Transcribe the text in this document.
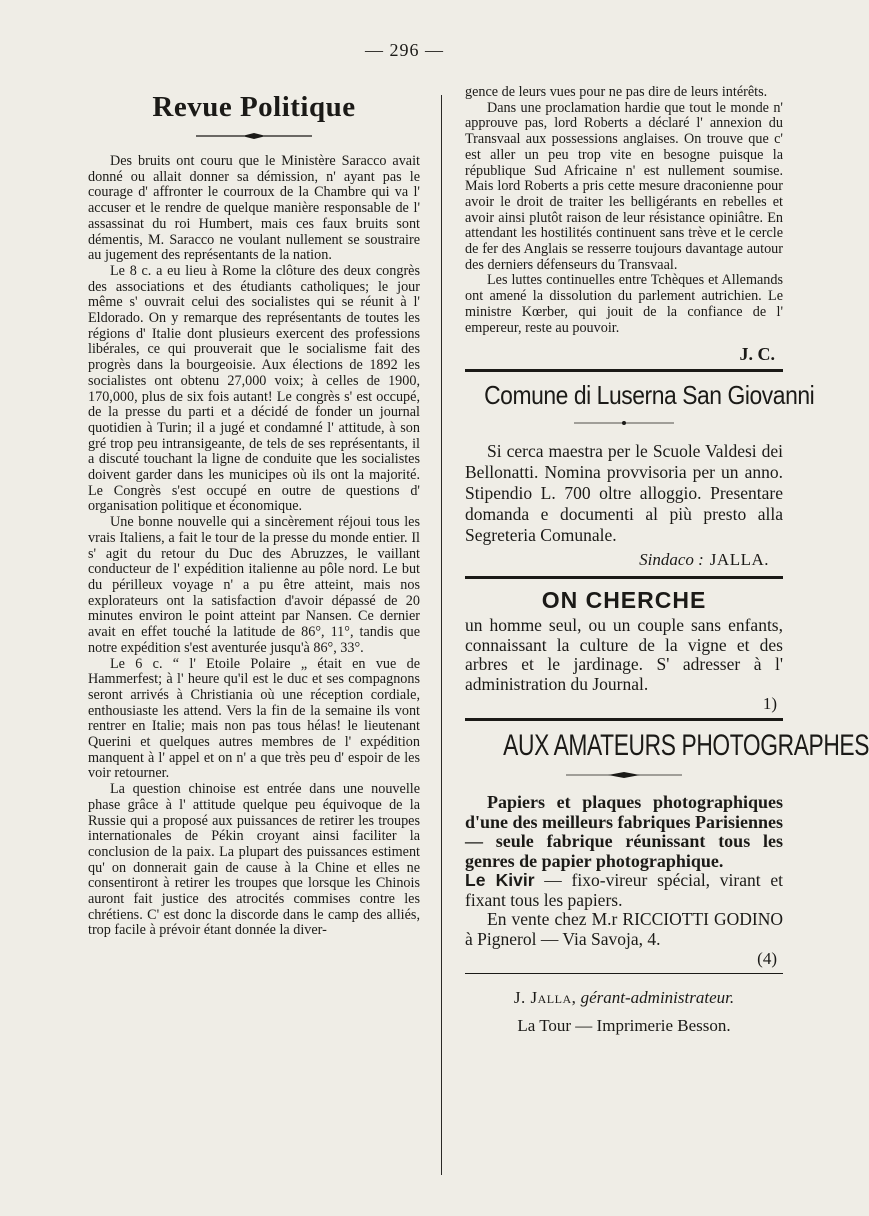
— 296 —
Revue Politique

Des bruits ont couru que le Ministère Saracco avait donné ou allait donner sa démission, n' ayant pas le courage d' affronter le courroux de la Chambre qui va l' accuser et le rendre de quelque manière responsable de l' assassinat du roi Humbert, mais ces faux bruits sont démentis, M. Saracco ne voulant nullement se soustraire au jugement des représentants de la nation.

Le 8 c. a eu lieu à Rome la clôture des deux congrès des associations et des étudiants catholiques; le jour même s' ouvrait celui des socialistes qui se réunit à l' Eldorado. On y remarque des représentants de toutes les régions d' Italie dont plusieurs exercent des professions libérales, ce qui prouverait que le socialisme fait des progrès dans la bourgeoisie. Aux élections de 1892 les socialistes ont obtenu 27,000 voix; à celles de 1900, 170,000, plus de six fois autant! Le congrès s' est occupé, de la presse du parti et a décidé de fonder un journal quotidien à Turin; il a jugé et condamné l' attitude, à son gré trop peu intransigeante, de tels de ses représentants, il a discuté touchant la ligne de conduite que les socialistes doivent garder dans les municipes où ils ont la majorité. Le Congrès s'est occupé en outre de questions d' organisation politique et économique.

Une bonne nouvelle qui a sincèrement réjoui tous les vrais Italiens, a fait le tour de la presse du monde entier. Il s' agit du retour du Duc des Abruzzes, le vaillant conducteur de l' expédition italienne au pôle nord. Le but du périlleux voyage n' a pu être atteint, mais nos explorateurs ont la satisfaction d'avoir dépassé de 20 minutes environ le point atteint par Nansen. Ce dernier avait en effet touché la latitude de 86°, 11°, tandis que notre expédition s'est aventurée jusqu'à 86°, 33°.

Le 6 c. “ l' Etoile Polaire „ était en vue de Hammerfest; à l' heure qu'il est le duc et ses compagnons seront arrivés à Christiania où une réception cordiale, enthousiaste les attend. Vers la fin de la semaine ils vont rentrer en Italie; mais non pas tous hélas! le lieutenant Querini et quelques autres membres de l' expédition manquent à l' appel et on n' a que très peu d' espoir de les voir retourner.

La question chinoise est entrée dans une nouvelle phase grâce à l' attitude quelque peu équivoque de la Russie qui a proposé aux puissances de retirer les troupes internationales de Pékin croyant ainsi faciliter la conclusion de la paix. La plupart des puissances estiment qu' on donnerait gain de cause à la Chine et elles ne consentiront à retirer les troupes que lorsque les Chinois auront fait justice des atrocités commises contre les chrétiens. C' est donc la discorde dans le camp des alliés, trop facile à prévoir étant donnée la diver-

gence de leurs vues pour ne pas dire de leurs intérêts.

Dans une proclamation hardie que tout le monde n' approuve pas, lord Roberts a déclaré l' annexion du Transvaal aux possessions anglaises. On trouve que c' est aller un peu trop vite en besogne puisque la république Sud Africaine n' est nullement soumise. Mais lord Roberts a pris cette mesure draconienne pour avoir le droit de traiter les belligérants en rebelles et avoir ainsi plutôt raison de leur résistance opiniâtre. En attendant les hostilités continuent sans trève et le cercle de fer des Anglais se resserre toujours davantage autour des derniers défenseurs du Transvaal.

Les luttes continuelles entre Tchèques et Allemands ont amené la dissolution du parlement autrichien. Le ministre Kœrber, qui jouit de la confiance de l' empereur, reste au pouvoir.

J. C.
Comune di Luserna San Giovanni

Si cerca maestra per le Scuole Valdesi dei Bellonatti. Nomina provvisoria per un anno. Stipendio L. 700 oltre alloggio. Presentare domanda e documenti al più presto alla Segreteria Comunale.

Sindaco : JALLA.
ON CHERCHE

un homme seul, ou un couple sans enfants, connaissant la culture de la vigne et des arbres et le jardinage. S' adresser à l' administration du Journal.

1)
AUX AMATEURS PHOTOGRAPHES

Papiers et plaques photographiques d'une des meilleurs fabriques Parisiennes — seule fabrique réunissant tous les genres de papier photographique.

Le Kivir — fixo-vireur spécial, virant et fixant tous les papiers.

En vente chez M.r RICCIOTTI GODINO à Pignerol — Via Savoja, 4.

(4)
J. Jalla, gérant-administrateur.
La Tour — Imprimerie Besson.
